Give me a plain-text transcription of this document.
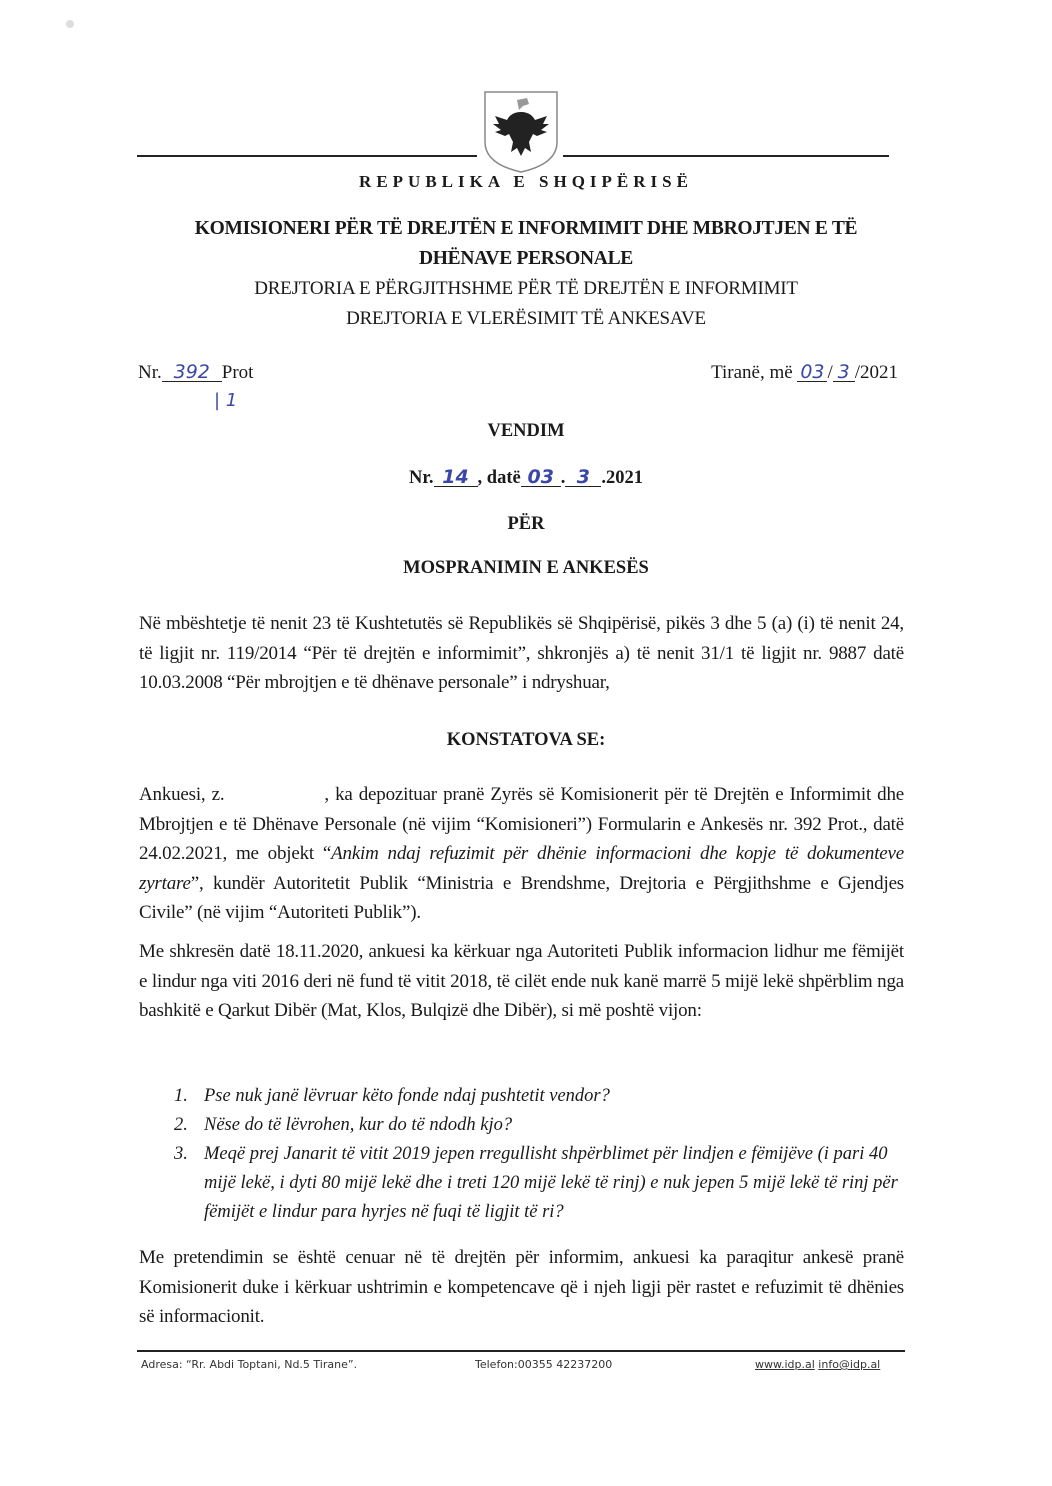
REPUBLIKA E SHQIPËRISË
KOMISIONERI PËR TË DREJTËN E INFORMIMIT DHE MBROJTJEN E TË
DHËNAVE PERSONALE
DREJTORIA E PËRGJITHSHME PËR TË DREJTËN E INFORMIMIT
DREJTORIA E VLERËSIMIT TË ANKESAVE
Nr. 392 Prot
| 1
Tiranë, më 03 / 3 /2021
VENDIM
Nr. 14 , datë 03 . 3 .2021
PËR
MOSPRANIMIN E ANKESËS
Në mbështetje të nenit 23 të Kushtetutës së Republikës së Shqipërisë, pikës 3 dhe 5 (a) (i) të nenit 24, të ligjit nr. 119/2014 “Për të drejtën e informimit”, shkronjës a) të nenit 31/1 të ligjit nr. 9887 datë 10.03.2008 “Për mbrojtjen e të dhënave personale” i ndryshuar,
KONSTATOVA SE:
Ankuesi, z.	, ka depozituar pranë Zyrës së Komisionerit për të Drejtën e Informimit dhe Mbrojtjen e të Dhënave Personale (në vijim “Komisioneri”) Formularin e Ankesës nr. 392 Prot., datë 24.02.2021, me objekt “Ankim ndaj refuzimit për dhënie informacioni dhe kopje të dokumenteve zyrtare”, kundër Autoritetit Publik “Ministria e Brendshme, Drejtoria e Përgjithshme e Gjendjes Civile” (në vijim “Autoriteti Publik”).
Me shkresën datë 18.11.2020, ankuesi ka kërkuar nga Autoriteti Publik informacion lidhur me fëmijët e lindur nga viti 2016 deri në fund të vitit 2018, të cilët ende nuk kanë marrë 5 mijë lekë shpërblim nga bashkitë e Qarkut Dibër (Mat, Klos, Bulqizë dhe Dibër), si më poshtë vijon:
1. Pse nuk janë lëvruar këto fonde ndaj pushtetit vendor?
2. Nëse do të lëvrohen, kur do të ndodh kjo?
3. Meqë prej Janarit të vitit 2019 jepen rregullisht shpërblimet për lindjen e fëmijëve (i pari 40 mijë lekë, i dyti 80 mijë lekë dhe i treti 120 mijë lekë të rinj) e nuk jepen 5 mijë lekë të rinj për fëmijët e lindur para hyrjes në fuqi të ligjit të ri?
Me pretendimin se është cenuar në të drejtën për informim, ankuesi ka paraqitur ankesë pranë Komisionerit duke i kërkuar ushtrimin e kompetencave që i njeh ligji për rastet e refuzimit të dhënies së informacionit.
Adresa: “Rr. Abdi Toptani, Nd.5 Tirane”.	Telefon:00355 42237200	www.idp.al info@idp.al
